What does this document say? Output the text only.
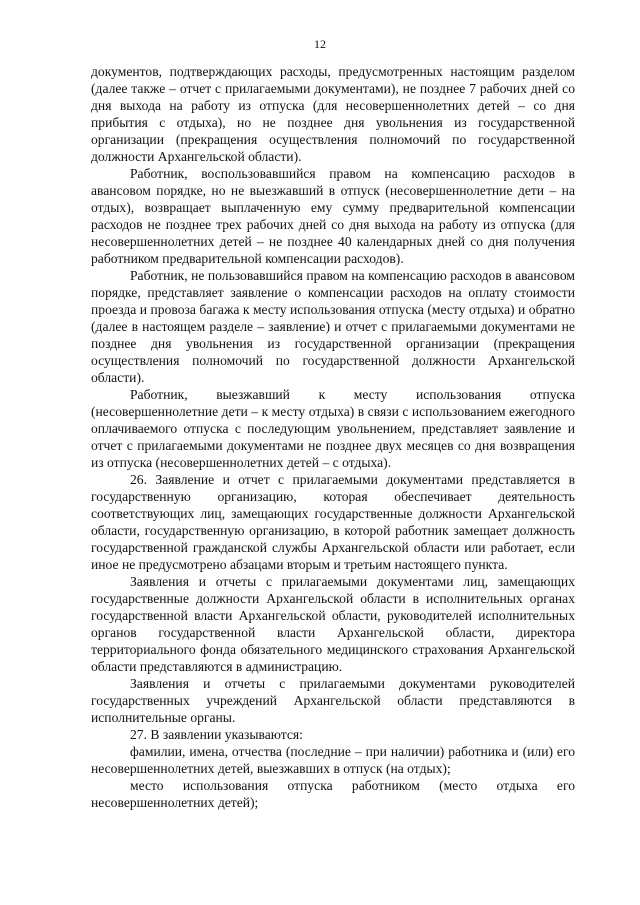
12

документов, подтверждающих расходы, предусмотренных настоящим разделом (далее также – отчет с прилагаемыми документами), не позднее 7 рабочих дней со дня выхода на работу из отпуска (для несовершеннолетних детей – со дня прибытия с отдыха), но не позднее дня увольнения из государственной организации (прекращения осуществления полномочий по государственной должности Архангельской области).

Работник, воспользовавшийся правом на компенсацию расходов в авансовом порядке, но не выезжавший в отпуск (несовершеннолетние дети – на отдых), возвращает выплаченную ему сумму предварительной компенсации расходов не позднее трех рабочих дней со дня выхода на работу из отпуска (для несовершеннолетних детей – не позднее 40 календарных дней со дня получения работником предварительной компенсации расходов).

Работник, не пользовавшийся правом на компенсацию расходов в авансовом порядке, представляет заявление о компенсации расходов на оплату стоимости проезда и провоза багажа к месту использования отпуска (месту отдыха) и обратно (далее в настоящем разделе – заявление) и отчет с прилагаемыми документами не позднее дня увольнения из государственной организации (прекращения осуществления полномочий по государственной должности Архангельской области).

Работник, выезжавший к месту использования отпуска (несовершеннолетние дети – к месту отдыха) в связи с использованием ежегодного оплачиваемого отпуска с последующим увольнением, представляет заявление и отчет с прилагаемыми документами не позднее двух месяцев со дня возвращения из отпуска (несовершеннолетних детей – с отдыха).

26. Заявление и отчет с прилагаемыми документами представляется в государственную организацию, которая обеспечивает деятельность соответствующих лиц, замещающих государственные должности Архангельской области, государственную организацию, в которой работник замещает должность государственной гражданской службы Архангельской области или работает, если иное не предусмотрено абзацами вторым и третьим настоящего пункта.

Заявления и отчеты с прилагаемыми документами лиц, замещающих государственные должности Архангельской области в исполнительных органах государственной власти Архангельской области, руководителей исполнительных органов государственной власти Архангельской области, директора территориального фонда обязательного медицинского страхования Архангельской области представляются в администрацию.

Заявления и отчеты с прилагаемыми документами руководителей государственных учреждений Архангельской области представляются в исполнительные органы.

27. В заявлении указываются:

фамилии, имена, отчества (последние – при наличии) работника и (или) его несовершеннолетних детей, выезжавших в отпуск (на отдых);

место использования отпуска работником (место отдыха его несовершеннолетних детей);
